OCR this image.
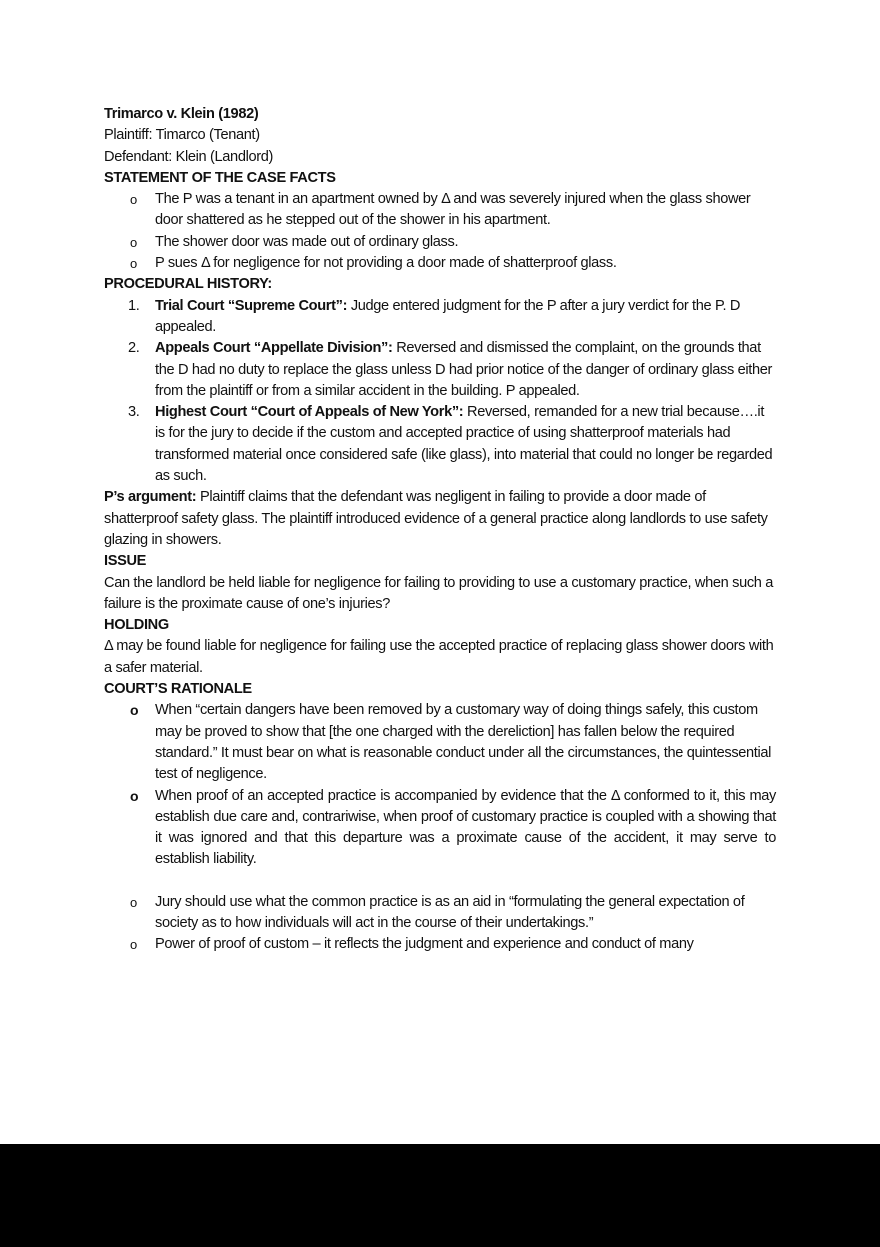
Trimarco v. Klein (1982)

Plaintiff: Timarco (Tenant)

Defendant: Klein (Landlord)

STATEMENT OF THE CASE FACTS

o	The P was a tenant in an apartment owned by Δ and was severely injured when the glass shower door shattered as he stepped out of the shower in his apartment.
o	The shower door was made out of ordinary glass.
o	P sues Δ for negligence for not providing a door made of shatterproof glass.

PROCEDURAL HISTORY:

1.	Trial Court “Supreme Court”: Judge entered judgment for the P after a jury verdict for the P. D appealed.
2.	Appeals Court “Appellate Division”: Reversed and dismissed the complaint, on the grounds that the D had no duty to replace the glass unless D had prior notice of the danger of ordinary glass either from the plaintiff or from a similar accident in the building. P appealed.
3.	Highest Court “Court of Appeals of New York”: Reversed, remanded for a new trial because….it is for the jury to decide if the custom and accepted practice of using shatterproof materials had transformed material once considered safe (like glass), into material that could no longer be regarded as such.

P’s argument: Plaintiff claims that the defendant was negligent in failing to provide a door made of shatterproof safety glass. The plaintiff introduced evidence of a general practice along landlords to use safety glazing in showers.

ISSUE

Can the landlord be held liable for negligence for failing to providing to use a customary practice, when such a failure is the proximate cause of one’s injuries?

HOLDING

Δ may be found liable for negligence for failing use the accepted practice of replacing glass shower doors with a safer material.

COURT’S RATIONALE

o	When “certain dangers have been removed by a customary way of doing things safely, this custom may be proved to show that [the one charged with the dereliction] has fallen below the required standard.” It must bear on what is reasonable conduct under all the circumstances, the quintessential test of negligence.
o	When proof of an accepted practice is accompanied by evidence that the Δ conformed to it, this may establish due care and, contrariwise, when proof of customary practice is coupled with a showing that it was ignored and that this departure was a proximate cause of the accident, it may serve to establish liability.
o	Jury should use what the common practice is as an aid in “formulating the general expectation of society as to how individuals will act in the course of their undertakings.”
o	Power of proof of custom – it reflects the judgment and experience and conduct of many
